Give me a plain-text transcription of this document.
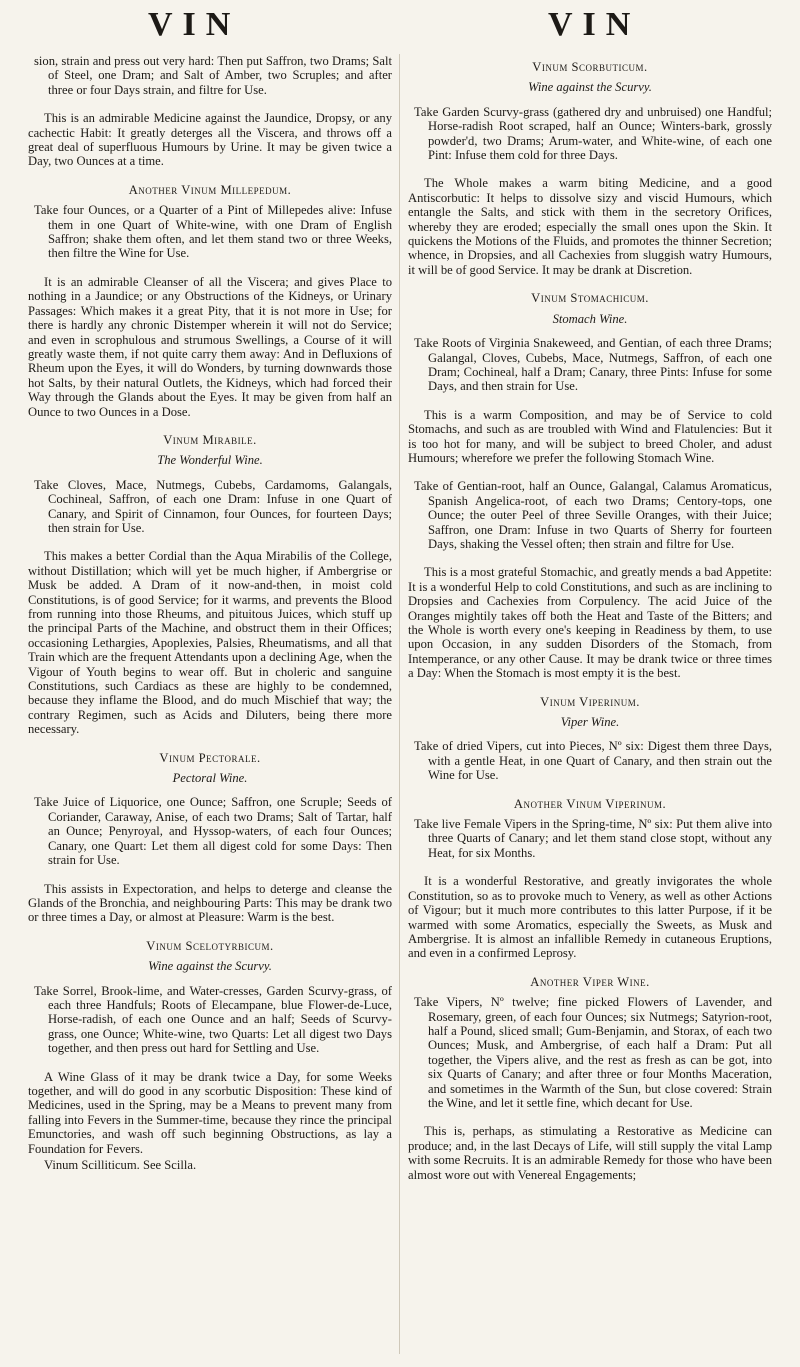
VIN	VIN

sion, strain and press out very hard: Then put Saffron, two Drams; Salt of Steel, one Dram; and Salt of Amber, two Scruples; and after three or four Days strain, and filtre for Use.

This is an admirable Medicine against the Jaundice, Dropsy, or any cachectic Habit: It greatly deterges all the Viscera, and throws off a great deal of superfluous Humours by Urine. It may be given twice a Day, two Ounces at a time.

Another Vinum Millepedum.

Take four Ounces, or a Quarter of a Pint of Millepedes alive: Infuse them in one Quart of White-wine, with one Dram of English Saffron; shake them often, and let them stand two or three Weeks, then filtre the Wine for Use.

It is an admirable Cleanser of all the Viscera; and gives Place to nothing in a Jaundice; or any Obstructions of the Kidneys, or Urinary Passages: Which makes it a great Pity, that it is not more in Use; for there is hardly any chronic Distemper wherein it will not do Service; and even in scrophulous and strumous Swellings, a Course of it will greatly waste them, if not quite carry them away: And in Defluxions of Rheum upon the Eyes, it will do Wonders, by turning downwards those hot Salts, by their natural Outlets, the Kidneys, which had forced their Way through the Glands about the Eyes. It may be given from half an Ounce to two Ounces in a Dose.

Vinum Mirabile.
The Wonderful Wine.

Take Cloves, Mace, Nutmegs, Cubebs, Cardamoms, Galangals, Cochineal, Saffron, of each one Dram: Infuse in one Quart of Canary, and Spirit of Cinnamon, four Ounces, for fourteen Days; then strain for Use.

This makes a better Cordial than the Aqua Mirabilis of the College, without Distillation; which will yet be much higher, if Ambergrise or Musk be added. A Dram of it now-and-then, in moist cold Constitutions, is of good Service; for it warms, and prevents the Blood from running into those Rheums, and pituitous Juices, which stuff up the principal Parts of the Machine, and obstruct them in their Offices; occasioning Lethargies, Apoplexies, Palsies, Rheumatisms, and all that Train which are the frequent Attendants upon a declining Age, when the Vigour of Youth begins to wear off. But in choleric and sanguine Constitutions, such Cardiacs as these are highly to be condemned, because they inflame the Blood, and do much Mischief that way; the contrary Regimen, such as Acids and Diluters, being there more necessary.

Vinum Pectorale.
Pectoral Wine.

Take Juice of Liquorice, one Ounce; Saffron, one Scruple; Seeds of Coriander, Caraway, Anise, of each two Drams; Salt of Tartar, half an Ounce; Penyroyal, and Hyssop-waters, of each four Ounces; Canary, one Quart: Let them all digest cold for some Days: Then strain for Use.

This assists in Expectoration, and helps to deterge and cleanse the Glands of the Bronchia, and neighbouring Parts: This may be drank two or three times a Day, or almost at Pleasure: Warm is the best.

Vinum Scelotyrbicum.
Wine against the Scurvy.

Take Sorrel, Brook-lime, and Water-cresses, Garden Scurvy-grass, of each three Handfuls; Roots of Elecampane, blue Flower-de-Luce, Horse-radish, of each one Ounce and an half; Seeds of Scurvy-grass, one Ounce; White-wine, two Quarts: Let all digest two Days together, and then press out hard for Settling and Use.

A Wine Glass of it may be drank twice a Day, for some Weeks together, and will do good in any scorbutic Disposition: These kind of Medicines, used in the Spring, may be a Means to prevent many from falling into Fevers in the Summer-time, because they rince the principal Emunctories, and wash off such beginning Obstructions, as lay a Foundation for Fevers.

Vinum Scilliticum. See Scilla.

Vinum Scorbuticum.
Wine against the Scurvy.

Take Garden Scurvy-grass (gathered dry and unbruised) one Handful; Horse-radish Root scraped, half an Ounce; Winters-bark, grossly powder'd, two Drams; Arum-water, and White-wine, of each one Pint: Infuse them cold for three Days.

The Whole makes a warm biting Medicine, and a good Antiscorbutic: It helps to dissolve sizy and viscid Humours, which entangle the Salts, and stick with them in the secretory Orifices, whereby they are eroded; especially the small ones upon the Skin. It quickens the Motions of the Fluids, and promotes the thinner Secretion; whence, in Dropsies, and all Cachexies from sluggish watry Humours, it will be of good Service. It may be drank at Discretion.

Vinum Stomachicum.
Stomach Wine.

Take Roots of Virginia Snakeweed, and Gentian, of each three Drams; Galangal, Cloves, Cubebs, Mace, Nutmegs, Saffron, of each one Dram; Cochineal, half a Dram; Canary, three Pints: Infuse for some Days, and then strain for Use.

This is a warm Composition, and may be of Service to cold Stomachs, and such as are troubled with Wind and Flatulencies: But it is too hot for many, and will be subject to breed Choler, and adust Humours; wherefore we prefer the following Stomach Wine.

Take of Gentian-root, half an Ounce, Galangal, Calamus Aromaticus, Spanish Angelica-root, of each two Drams; Centory-tops, one Ounce; the outer Peel of three Seville Oranges, with their Juice; Saffron, one Dram: Infuse in two Quarts of Sherry for fourteen Days, shaking the Vessel often; then strain and filtre for Use.

This is a most grateful Stomachic, and greatly mends a bad Appetite: It is a wonderful Help to cold Constitutions, and such as are inclining to Dropsies and Cachexies from Corpulency. The acid Juice of the Oranges mightily takes off both the Heat and Taste of the Bitters; and the Whole is worth every one's keeping in Readiness by them, to use upon Occasion, in any sudden Disorders of the Stomach, from Intemperance, or any other Cause. It may be drank twice or three times a Day: When the Stomach is most empty it is the best.

Vinum Viperinum.
Viper Wine.

Take of dried Vipers, cut into Pieces, Nº six: Digest them three Days, with a gentle Heat, in one Quart of Canary, and then strain out the Wine for Use.

Another Vinum Viperinum.

Take live Female Vipers in the Spring-time, Nº six: Put them alive into three Quarts of Canary; and let them stand close stopt, without any Heat, for six Months.

It is a wonderful Restorative, and greatly invigorates the whole Constitution, so as to provoke much to Venery, as well as other Actions of Vigour; but it much more contributes to this latter Purpose, if it be warmed with some Aromatics, especially the Sweets, as Musk and Ambergrise. It is almost an infallible Remedy in cutaneous Eruptions, and even in a confirmed Leprosy.

Another Viper Wine.

Take Vipers, Nº twelve; fine picked Flowers of Lavender, and Rosemary, green, of each four Ounces; six Nutmegs; Satyrion-root, half a Pound, sliced small; Gum-Benjamin, and Storax, of each two Ounces; Musk, and Ambergrise, of each half a Dram: Put all together, the Vipers alive, and the rest as fresh as can be got, into six Quarts of Canary; and after three or four Months Maceration, and sometimes in the Warmth of the Sun, but close covered: Strain the Wine, and let it settle fine, which decant for Use.

This is, perhaps, as stimulating a Restorative as Medicine can produce; and, in the last Decays of Life, will still supply the vital Lamp with some Recruits. It is an admirable Remedy for those who have been almost wore out with Venereal Engagements;
